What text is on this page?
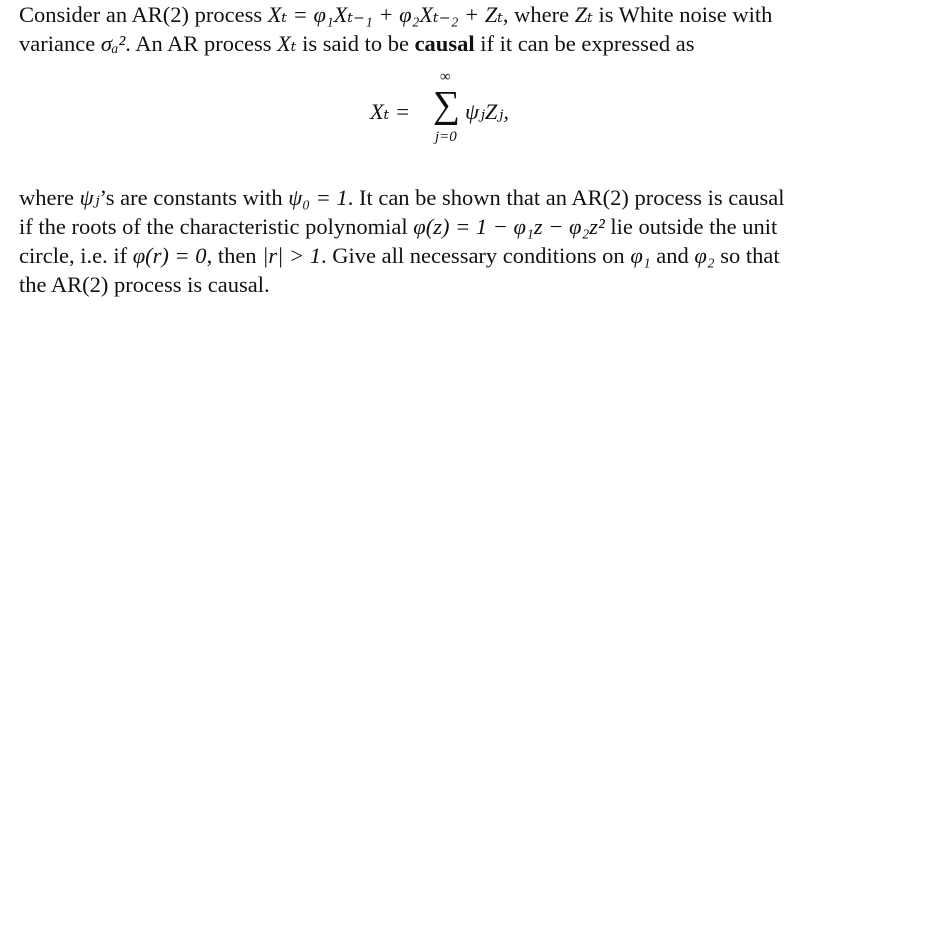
Consider an AR(2) process Xₜ = φ₁Xₜ₋₁ + φ₂Xₜ₋₂ + Zₜ, where Zₜ is White noise with
variance σₐ². An AR process Xₜ is said to be causal if it can be expressed as
Xₜ =
∞
∑
j=0
ψⱼZⱼ,
where ψⱼ’s are constants with ψ₀ = 1. It can be shown that an AR(2) process is causal
if the roots of the characteristic polynomial φ(z) = 1 − φ₁z − φ₂z² lie outside the unit
circle, i.e. if φ(r) = 0, then |r| > 1. Give all necessary conditions on φ₁ and φ₂ so that
the AR(2) process is causal.
